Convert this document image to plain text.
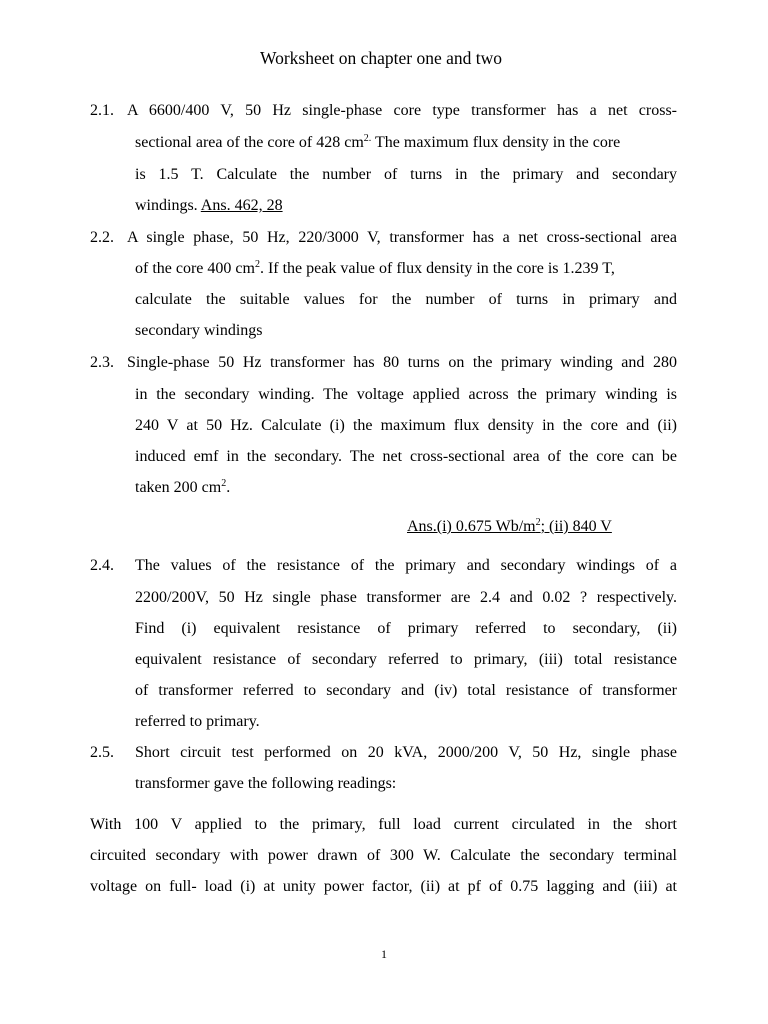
Worksheet on chapter one and two
2.1. A 6600/400 V, 50 Hz single-phase core type transformer has a net cross-
sectional area of the core of 428 $cm^{2.}$ The maximum flux density in the core
is 1.5 T. Calculate the number of turns in the primary and secondary
windings. Ans. 462, 28
2.2. A single phase, 50 Hz, 220/3000 V, transformer has a net cross-sectional area
of the core 400 $cm^2$. If the peak value of flux density in the core is 1.239 T,
calculate the suitable values for the number of turns in primary and
secondary windings
2.3. Single-phase 50 Hz transformer has 80 turns on the primary winding and 280
in the secondary winding. The voltage applied across the primary winding is
240 V at 50 Hz. Calculate (i) the maximum flux density in the core and (ii)
induced emf in the secondary. The net cross-sectional area of the core can be
taken 200 $cm^2$.
Ans.(i) 0.675 $Wb/m^2$; (ii) 840 V
2.4. The values of the resistance of the primary and secondary windings of a
2200/200V, 50 Hz single phase transformer are 2.4 and 0.02 ? respectively.
Find (i) equivalent resistance of primary referred to secondary, (ii)
equivalent resistance of secondary referred to primary, (iii) total resistance
of transformer referred to secondary and (iv) total resistance of transformer
referred to primary.
2.5. Short circuit test performed on 20 kVA, 2000/200 V, 50 Hz, single phase
transformer gave the following readings:
With 100 V applied to the primary, full load current circulated in the short
circuited secondary with power drawn of 300 W. Calculate the secondary terminal
voltage on full- load (i) at unity power factor, (ii) at pf of 0.75 lagging and (iii) at
1
